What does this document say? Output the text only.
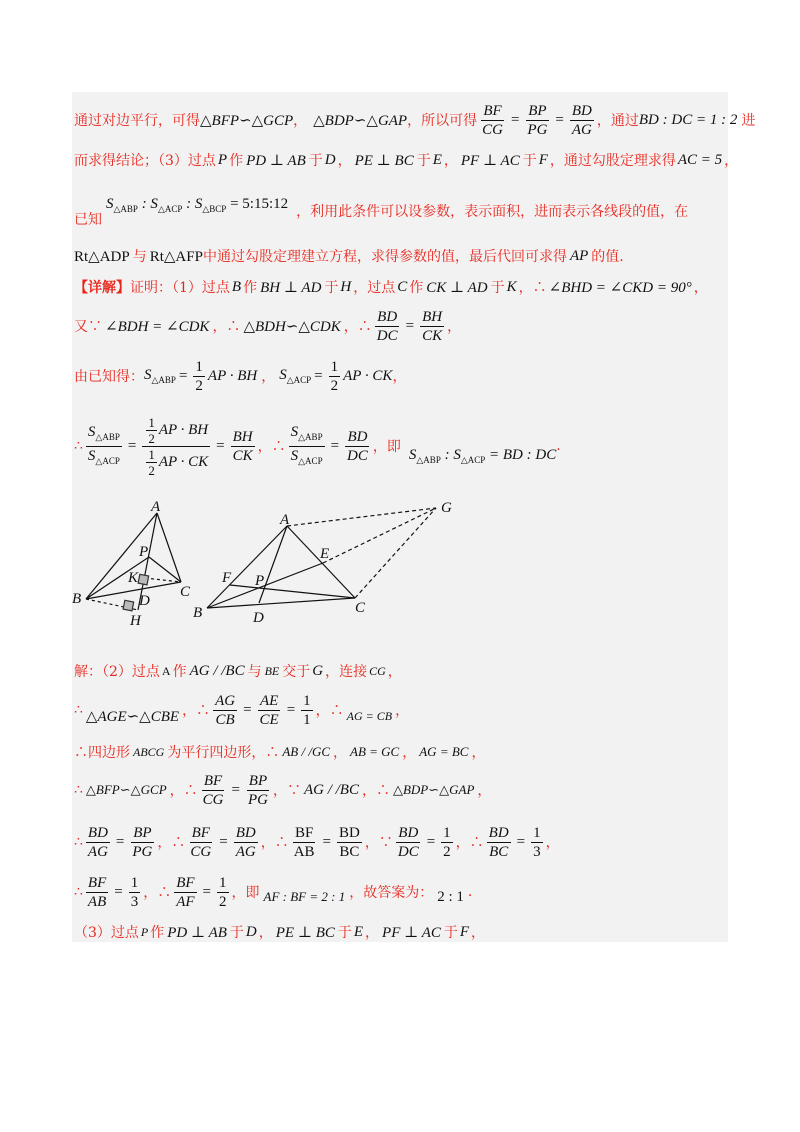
通过对边平行，可得 △BFP∽△GCP ， △BDP∽△GAP ，所以可得 $\frac{BF}{CG} = \frac{BP}{PG} = \frac{BD}{AG}$ ，通过 BD : DC = 1 : 2 进
而求得结论；（3）过点 P 作 PD ⊥ AB 于 D ， PE ⊥ BC 于 E ， PF ⊥ AC 于 F ，通过勾股定理求得 AC = 5 ，
已知
$S_{\triangle ABP}$ : $S_{\triangle ACP}$ : $S_{\triangle BCP}$ = 5:15:12
，利用此条件可以设参数，表示面积，进而表示各线段的值，在
Rt△ADP 与 Rt△AFP 中通过勾股定理建立方程，求得参数的值，最后代回可求得 AP 的值.
【详解】 证明：（1）过点 B 作 BH ⊥ AD 于 H ，过点 C 作 CK ⊥ AD 于 K ，∴ ∠BHD = ∠CKD = 90° ，
又∵ ∠BDH = ∠CDK ，∴ △BDH∽△CDK ，∴ $\frac{BD}{DC} = \frac{BH}{CK}$ ，
由已知得： $S_{\triangle ABP} = \frac{1}{2}$ AP · BH ， $S_{\triangle ACP} = \frac{1}{2}$ AP · CK ，
∴ $\frac{S_{\triangle ABP}}{S_{\triangle ACP}} = \frac{\frac{1}{2} AP \cdot BH}{\frac{1}{2} AP \cdot CK} = \frac{BH}{CK}$ ，∴ $\frac{S_{\triangle ABP}}{S_{\triangle ACP}} = \frac{BD}{DC}$ ，即 $S_{\triangle ABP}$ : $S_{\triangle ACP}$ = BD : DC
.
A
P
K
D
C
B
H
A
G
E
F P
B	D
C
解：（2）过点 A 作 AG / /BC 与 BE 交于 G ，连接 CG ，
∴ △AGE∽△CBE ，∴ $\frac{AG}{CB} = \frac{AE}{CE} = \frac{1}{1}$ ，∴ AG = CB ，
∴四边形 ABCG 为平行四边形，∴ AB / /GC ， AB = GC ， AG = BC ，
∴ △BFP∽△GCP ，∴ $\frac{BF}{CG} = \frac{BP}{PG}$ ，∵ AG / /BC ，∴ △BDP∽△GAP ，
∴ $\frac{BD}{AG} = \frac{BP}{PG}$ ，∴ $\frac{BF}{CG} = \frac{BD}{AG}$ ，∴ $\frac{BF}{AB} = \frac{BD}{BC}$ ，∵ $\frac{BD}{DC} = \frac{1}{2}$ ，∴ $\frac{BD}{BC} = \frac{1}{3}$ ，
∴ $\frac{BF}{AB} = \frac{1}{3}$ ，∴ $\frac{BF}{AF} = \frac{1}{2}$ ，即 AF : BF = 2 : 1 ，故答案为： 2 : 1 .
（3）过点 P 作 PD ⊥ AB 于 D ， PE ⊥ BC 于 E ， PF ⊥ AC 于 F ，
